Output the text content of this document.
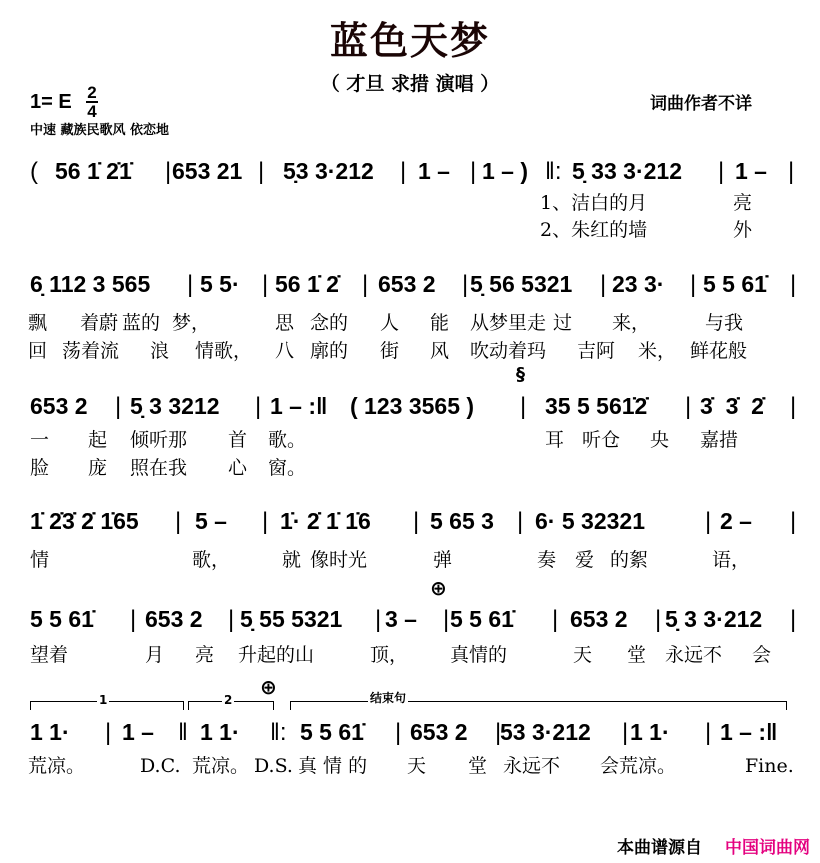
蓝色天梦
（ 才旦 求措 演唱 ）
1= E 2
4	词曲作者不详
中速 藏族民歌风 依恋地
§
⊕
⊕
1	2	结束句
( 56 1̇ 2̇1̇ | 653 21 | 5̣3 3·212 | 1 – | 1 – ) ‖: 5̣ 33 3·212 | 1 – |
1、洁白的月	亮
2、朱红的墙	外
6̣ 112 3 565 | 5 5· | 56 1̇ 2̇ | 653 2 | 5̣ 56 5321 | 23 3· | 5 5 61̇ |
飘 着蔚 蓝的 梦，	思 念的 人 能 从梦里走 过 来，	与我
回 荡着流 浪 情歌， 八 廓的 街 风 吹动着玛 吉阿 米， 鲜花般
653 2 | 5̣ 3 3212 | 1 – :‖ ( 123 3565 ) | 35 5 561̇2̇ | 3̇  3̇  2̇ |
一 起 倾听那 首 歌。	耳 听仓 央 嘉措
脸 庞 照在我 心 窗。
1̇ 2̇3̇ 2̇ 1̇65 | 5 – | 1̇· 2̇ 1̇ 1̇6 | 5 65 3 | 6· 5 32321	| 2 – |
情	歌，	就 像时光	弹	奏 爱 的絮	语，
5 5 61̇ | 653 2 | 5̣ 55 5321 | 3 – | 5 5 61̇ | 653 2 | 5̣ 3 3·212 |
望着	月 亮 升起的山	顶， 真情的	天 堂 永远不 会
1 1· | 1 – ‖ 1 1· ‖: 5 5 61̇ | 653 2 |
53 3·212 | 1 1· | 1 – :‖
荒凉。	D.C. 荒凉。 D.S. 真 情 的 天 堂 永远不 会荒凉。	Fine.
本曲谱源自 中国词曲网
